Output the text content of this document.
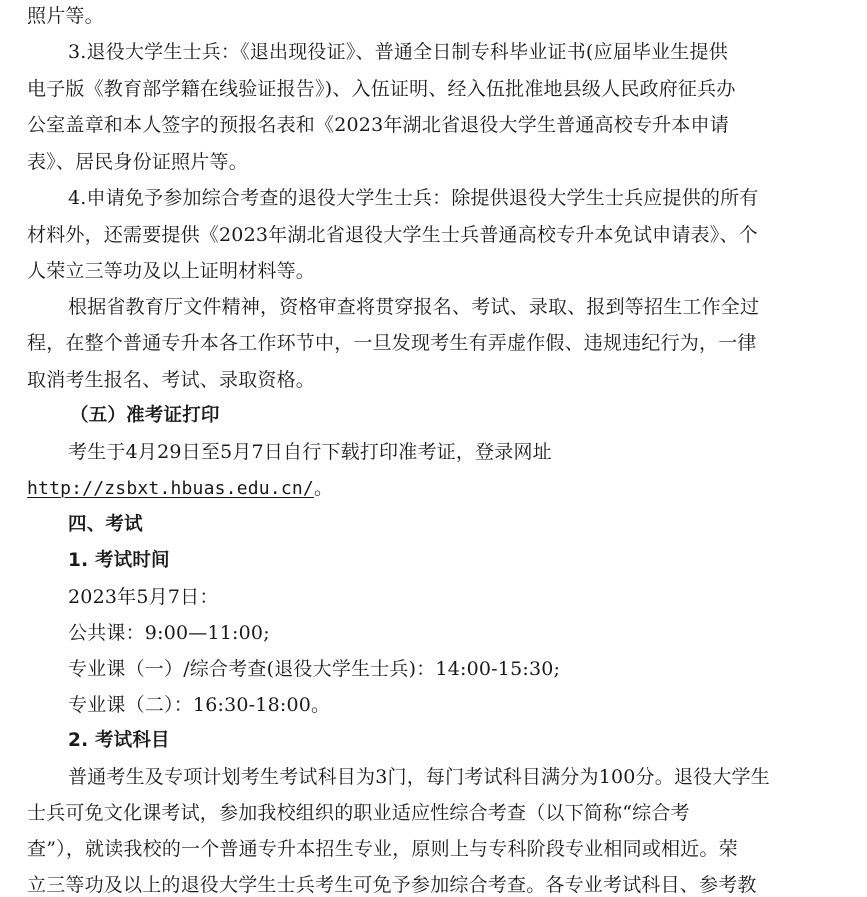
照片等。
3.退役大学生士兵：《退出现役证》、普通全日制专科毕业证书(应届毕业生提供
电子版《教育部学籍在线验证报告》)、入伍证明、经入伍批准地县级人民政府征兵办
公室盖章和本人签字的预报名表和《2023年湖北省退役大学生普通高校专升本申请
表》、居民身份证照片等。
4.申请免予参加综合考查的退役大学生士兵：除提供退役大学生士兵应提供的所有
材料外，还需要提供《2023年湖北省退役大学生士兵普通高校专升本免试申请表》、个
人荣立三等功及以上证明材料等。
根据省教育厅文件精神，资格审查将贯穿报名、考试、录取、报到等招生工作全过
程，在整个普通专升本各工作环节中，一旦发现考生有弄虚作假、违规违纪行为，一律
取消考生报名、考试、录取资格。
（五）准考证打印
考生于4月29日至5月7日自行下载打印准考证，登录网址
http://zsbxt.hbuas.edu.cn/。
四、考试
1. 考试时间
2023年5月7日：
公共课：9:00—11:00;
专业课（一）/综合考查(退役大学生士兵)：14:00-15:30;
专业课（二）：16:30-18:00。
2. 考试科目
普通考生及专项计划考生考试科目为3门，每门考试科目满分为100分。退役大学生
士兵可免文化课考试，参加我校组织的职业适应性综合考查（以下简称“综合考
查”），就读我校的一个普通专升本招生专业，原则上与专科阶段专业相同或相近。荣
立三等功及以上的退役大学生士兵考生可免予参加综合考查。各专业考试科目、参考教
